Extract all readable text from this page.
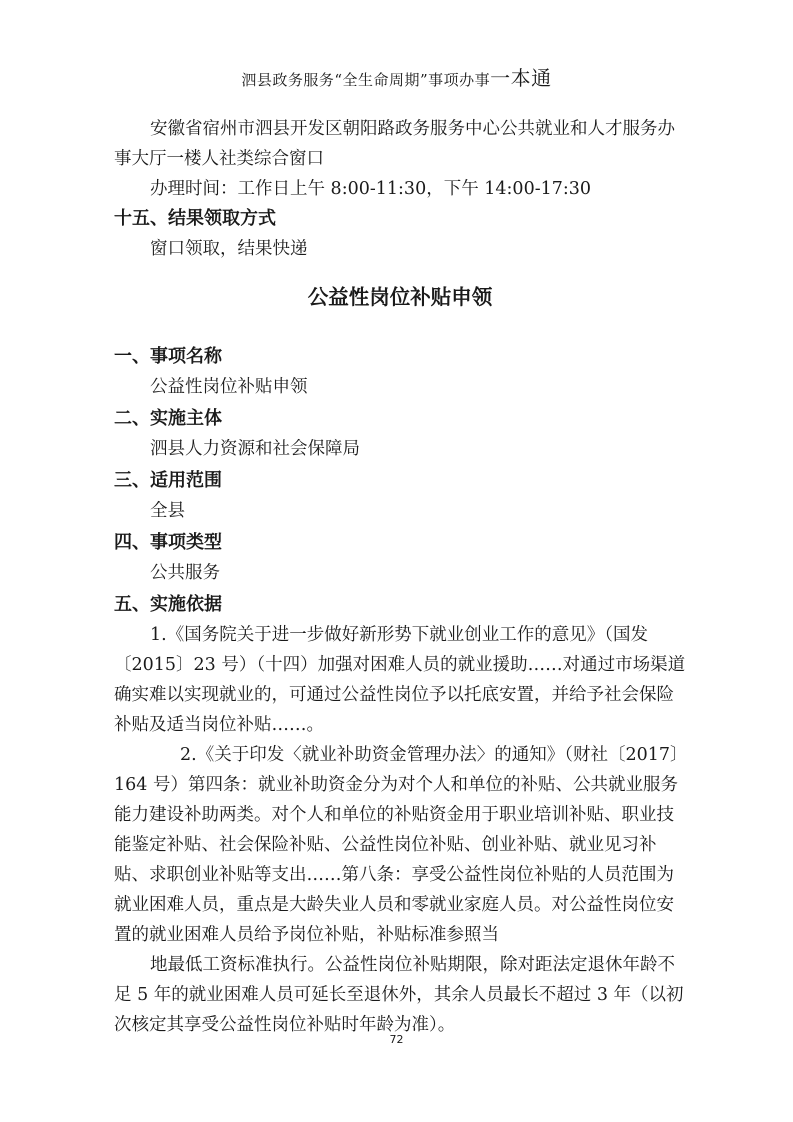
泗县政务服务“全生命周期”事项办事一本通

安徽省宿州市泗县开发区朝阳路政务服务中心公共就业和人才服务办事大厅一楼人社类综合窗口

办理时间：工作日上午 8:00-11:30，下午 14:00-17:30

十五、结果领取方式

窗口领取，结果快递

公益性岗位补贴申领
一、事项名称

公益性岗位补贴申领

二、实施主体

泗县人力资源和社会保障局

三、适用范围

全县

四、事项类型

公共服务

五、实施依据

1.《国务院关于进一步做好新形势下就业创业工作的意见》（国发〔2015〕23 号）（十四）加强对困难人员的就业援助……对通过市场渠道确实难以实现就业的，可通过公益性岗位予以托底安置，并给予社会保险补贴及适当岗位补贴……。

2.《关于印发〈就业补助资金管理办法〉的通知》（财社〔2017〕164 号）第四条：就业补助资金分为对个人和单位的补贴、公共就业服务能力建设补助两类。对个人和单位的补贴资金用于职业培训补贴、职业技能鉴定补贴、社会保险补贴、公益性岗位补贴、创业补贴、就业见习补贴、求职创业补贴等支出……第八条：享受公益性岗位补贴的人员范围为就业困难人员，重点是大龄失业人员和零就业家庭人员。对公益性岗位安置的就业困难人员给予岗位补贴，补贴标准参照当

地最低工资标准执行。公益性岗位补贴期限，除对距法定退休年龄不足 5 年的就业困难人员可延长至退休外，其余人员最长不超过 3 年（以初次核定其享受公益性岗位补贴时年龄为准）。

72
